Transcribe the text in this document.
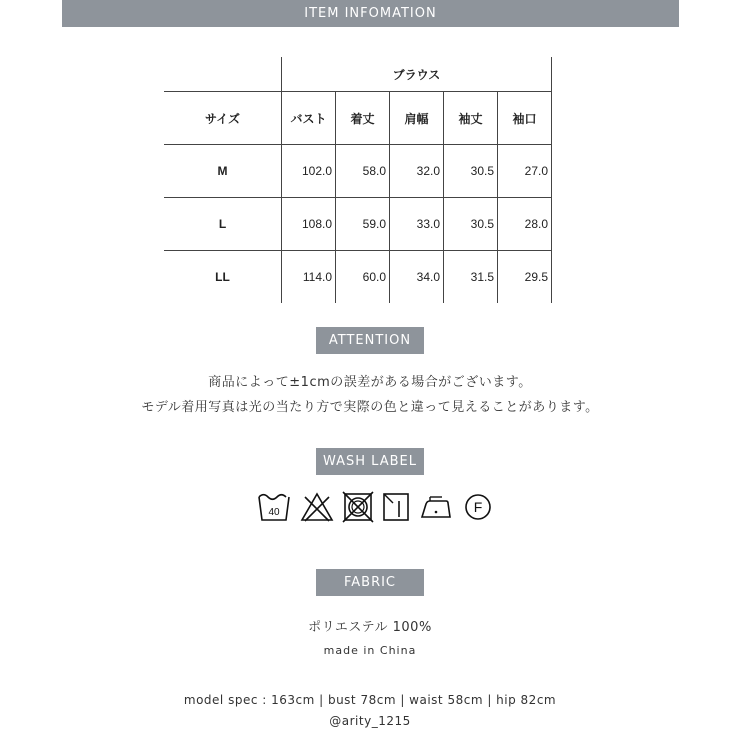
ITEM INFOMATION
	ブラウス				
サイズ	バスト	着丈	肩幅	袖丈	袖口
M	102.0	58.0	32.0	30.5	27.0
L	108.0	59.0	33.0	30.5	28.0
LL	114.0	60.0	34.0	31.5	29.5
ATTENTION
商品によって±1cmの誤差がある場合がございます。
モデル着用写真は光の当たり方で実際の色と違って見えることがあります。
WASH LABEL
40	F
FABRIC
ポリエステル 100%
made in China
model spec : 163cm | bust 78cm | waist 58cm | hip 82cm
@arity_1215
